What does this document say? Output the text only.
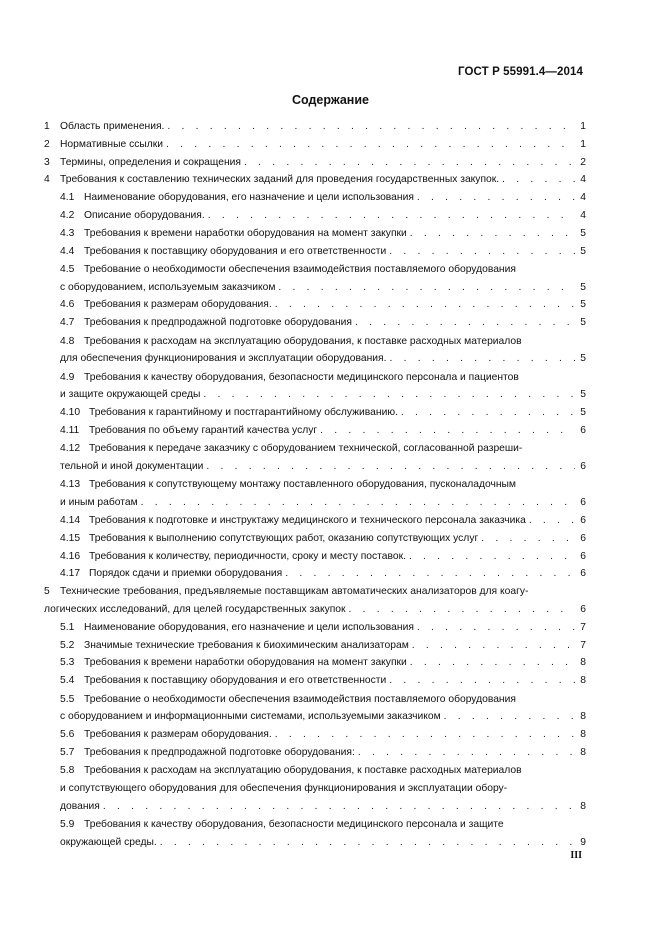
ГОСТ Р 55991.4—2014
Содержание
1 Область применения. . . .	1
2 Нормативные ссылки . . .	1
3 Термины, определения и сокращения . . .	2
4 Требования к составлению технических заданий для проведения государственных закупок. . . .	4
4.1 Наименование оборудования, его назначение и цели использования . . .	4
4.2 Описание оборудования. . . .	4
4.3 Требования к времени наработки оборудования на момент закупки . . .	5
4.4 Требования к поставщику оборудования и его ответственности . . .	5
4.5 Требование о необходимости обеспечения взаимодействия поставляемого оборудования
с оборудованием, используемым заказчиком . . .	5
4.6 Требования к размерам оборудования. . . .	5
4.7 Требования к предпродажной подготовке оборудования . . .	5
4.8 Требования к расходам на эксплуатацию оборудования, к поставке расходных материалов
для обеспечения функционирования и эксплуатации оборудования. . . .	5
4.9 Требования к качеству оборудования, безопасности медицинского персонала и пациентов
и защите окружающей среды . . .	5
4.10 Требования к гарантийному и постгарантийному обслуживанию. . . .	5
4.11 Требования по объему гарантий качества услуг . . .	6
4.12 Требования к передаче заказчику с оборудованием технической, согласованной разреши-
тельной и иной документации . . .	6
4.13 Требования к сопутствующему монтажу поставленного оборудования, пусконаладочным
и иным работам . . .	6
4.14 Требования к подготовке и инструктажу медицинского и технического персонала заказчика . . .	6
4.15 Требования к выполнению сопутствующих работ, оказанию сопутствующих услуг . . .	6
4.16 Требования к количеству, периодичности, сроку и месту поставок. . . .	6
4.17 Порядок сдачи и приемки оборудования . . .	6
5 Технические требования, предъявляемые поставщикам автоматических анализаторов для коагу-
логических исследований, для целей государственных закупок . . .	6
5.1 Наименование оборудования, его назначение и цели использования . . .	7
5.2 Значимые технические требования к биохимическим анализаторам . . .	7
5.3 Требования к времени наработки оборудования на момент закупки . . .	8
5.4 Требования к поставщику оборудования и его ответственности . . .	8
5.5 Требование о необходимости обеспечения взаимодействия поставляемого оборудования
с оборудованием и информационными системами, используемыми заказчиком . . .	8
5.6 Требования к размерам оборудования. . . .	8
5.7 Требования к предпродажной подготовке оборудования: . . .	8
5.8 Требования к расходам на эксплуатацию оборудования, к поставке расходных материалов
и сопутствующего оборудования для обеспечения функционирования и эксплуатации обору-
дования . . .	8
5.9 Требования к качеству оборудования, безопасности медицинского персонала и защите
окружающей среды. . . .	9
III
